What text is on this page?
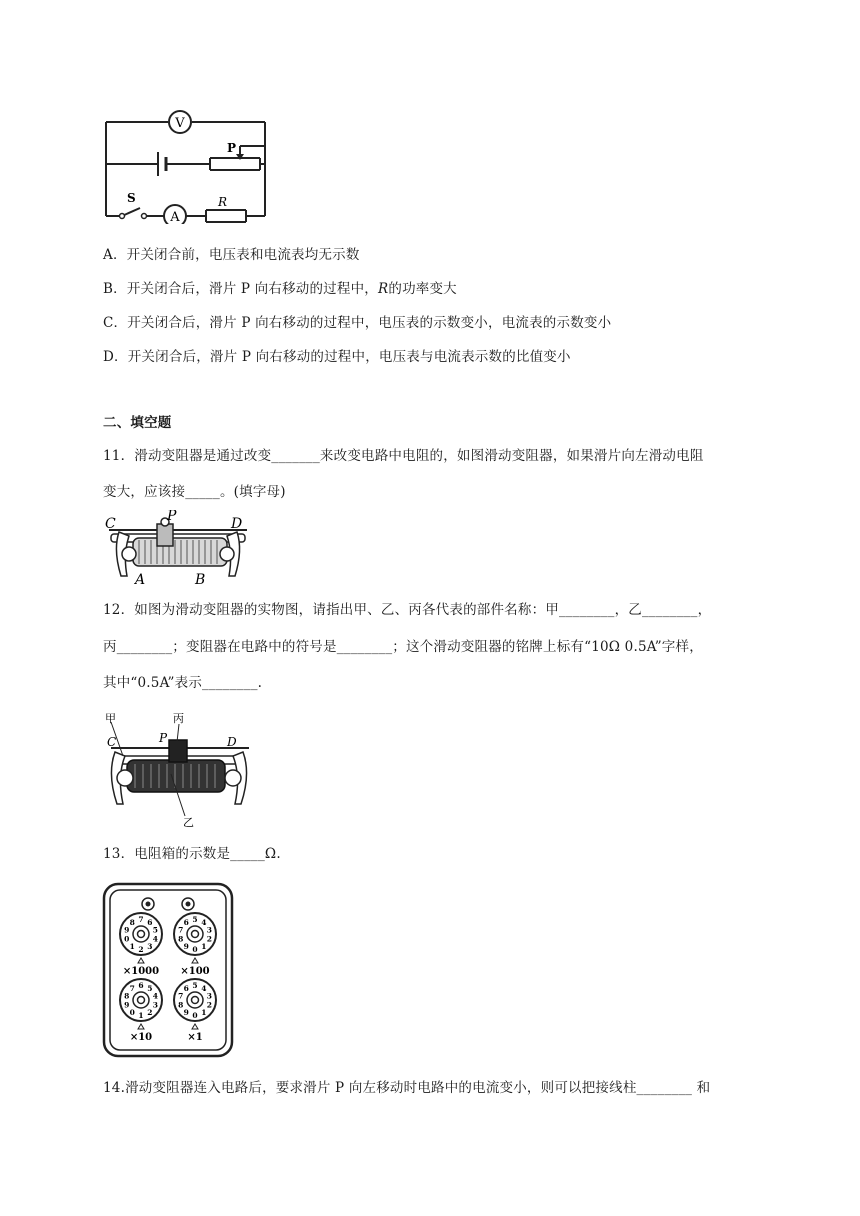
V
A
P
S	R
A．开关闭合前，电压表和电流表均无示数
B．开关闭合后，滑片 P 向右移动的过程中，R的功率变大
C．开关闭合后，滑片 P 向右移动的过程中，电压表的示数变小，电流表的示数变小
D．开关闭合后，滑片 P 向右移动的过程中，电压表与电流表示数的比值变小
二、填空题
11．滑动变阻器是通过改变_______来改变电路中电阻的，如图滑动变阻器，如果滑片向左滑动电阻
变大，应该接_____。(填字母)
C	P	D
A	B
12．如图为滑动变阻器的实物图，请指出甲、乙、丙各代表的部件名称：甲________，乙________，
丙________；变阻器在电路中的符号是________；这个滑动变阻器的铭牌上标有“10Ω 0.5A”字样，
其中“0.5A”表示________.
甲	丙
乙
C	P	D
13．电阻箱的示数是_____Ω.
2 3
4
5
6
7
8
9
0
1
×1000
0 1
2
3
4
5
6
7
8
9
×100
1 2
3
4
5
6
7
8
9
0
×10
0 1
2
3
4
5
6
7
8
9
×1
14.滑动变阻器连入电路后，要求滑片 P 向左移动时电路中的电流变小，则可以把接线柱________ 和
